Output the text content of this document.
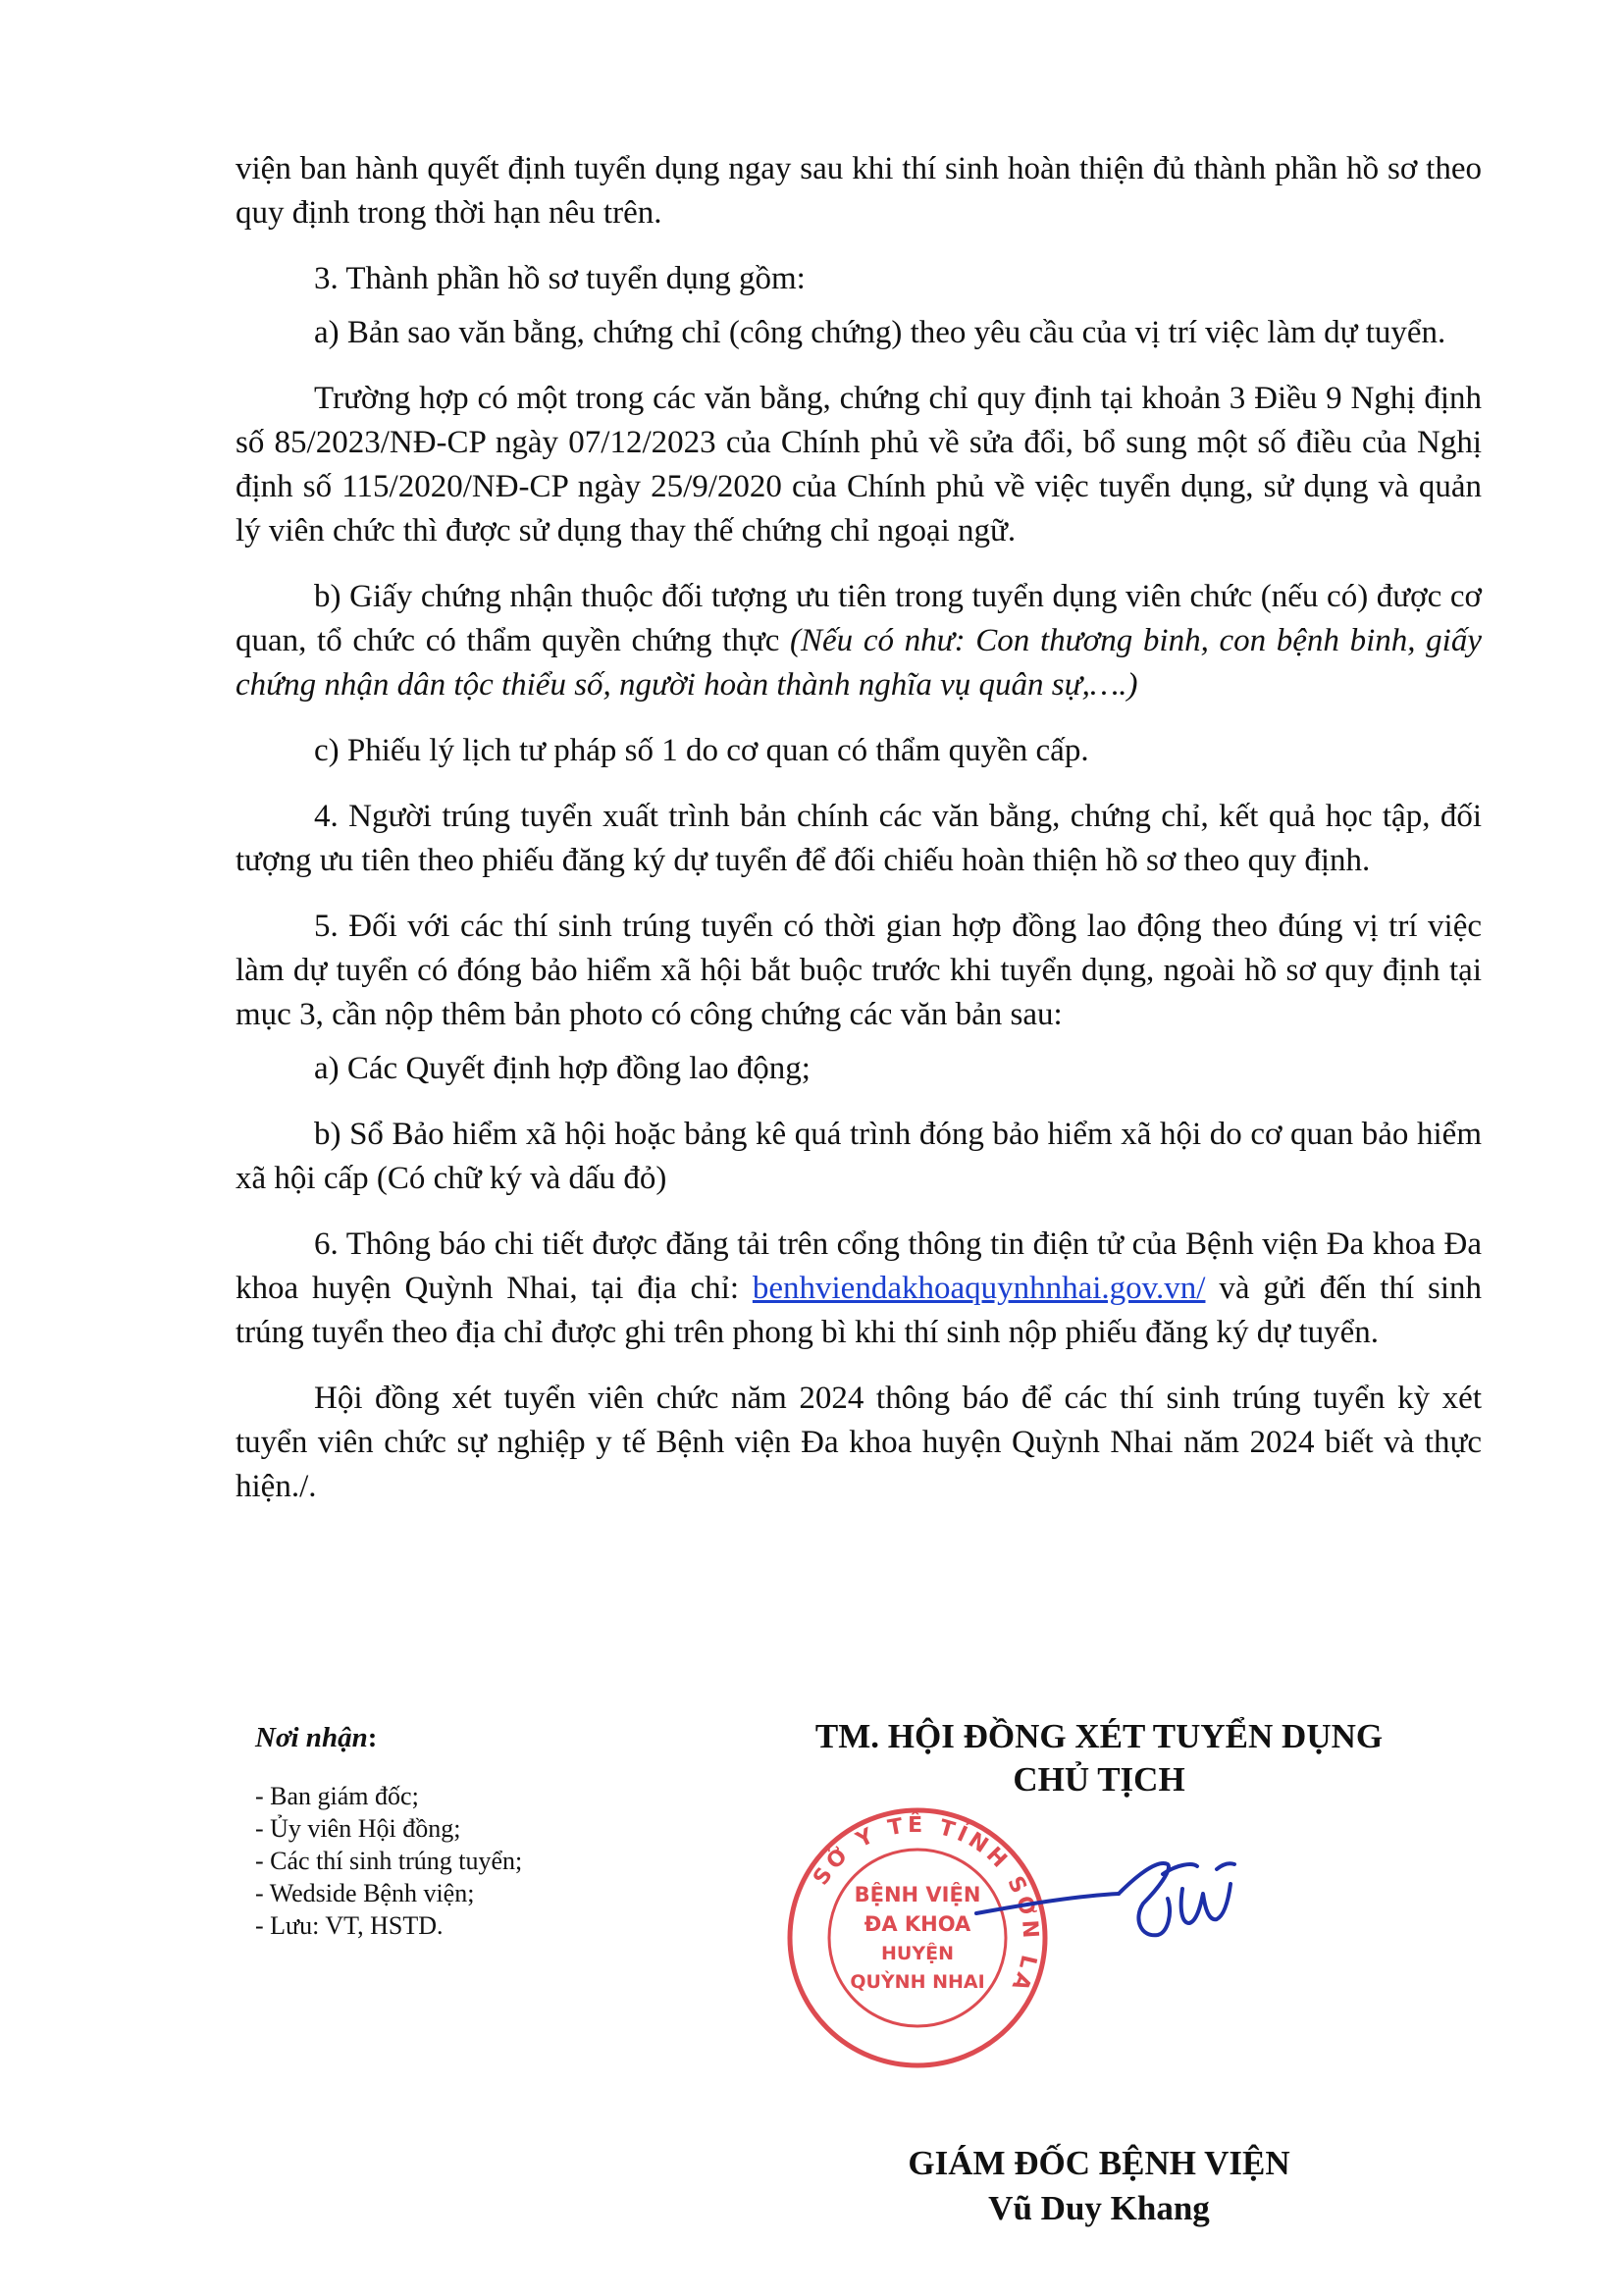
viện ban hành quyết định tuyển dụng ngay sau khi thí sinh hoàn thiện đủ thành phần hồ sơ theo quy định trong thời hạn nêu trên.

3. Thành phần hồ sơ tuyển dụng gồm:

a) Bản sao văn bằng, chứng chỉ (công chứng) theo yêu cầu của vị trí việc làm dự tuyển.

Trường hợp có một trong các văn bằng, chứng chỉ quy định tại khoản 3 Điều 9 Nghị định số 85/2023/NĐ-CP ngày 07/12/2023 của Chính phủ về sửa đổi, bổ sung một số điều của Nghị định số 115/2020/NĐ-CP ngày 25/9/2020 của Chính phủ về việc tuyển dụng, sử dụng và quản lý viên chức thì được sử dụng thay thế chứng chỉ ngoại ngữ.

b) Giấy chứng nhận thuộc đối tượng ưu tiên trong tuyển dụng viên chức (nếu có) được cơ quan, tổ chức có thẩm quyền chứng thực (Nếu có như: Con thương binh, con bệnh binh, giấy chứng nhận dân tộc thiểu số, người hoàn thành nghĩa vụ quân sự,….)

c) Phiếu lý lịch tư pháp số 1 do cơ quan có thẩm quyền cấp.

4. Người trúng tuyển xuất trình bản chính các văn bằng, chứng chỉ, kết quả học tập, đối tượng ưu tiên theo phiếu đăng ký dự tuyển để đối chiếu hoàn thiện hồ sơ theo quy định.

5. Đối với các thí sinh trúng tuyển có thời gian hợp đồng lao động theo đúng vị trí việc làm dự tuyển có đóng bảo hiểm xã hội bắt buộc trước khi tuyển dụng, ngoài hồ sơ quy định tại mục 3, cần nộp thêm bản photo có công chứng các văn bản sau:

a) Các Quyết định hợp đồng lao động;

b) Sổ Bảo hiểm xã hội hoặc bảng kê quá trình đóng bảo hiểm xã hội do cơ quan bảo hiểm xã hội cấp (Có chữ ký và dấu đỏ)

6. Thông báo chi tiết được đăng tải trên cổng thông tin điện tử của Bệnh viện Đa khoa Đa khoa huyện Quỳnh Nhai, tại địa chỉ: benhviendakhoaquynhnhai.gov.vn/ và gửi đến thí sinh trúng tuyển theo địa chỉ được ghi trên phong bì khi thí sinh nộp phiếu đăng ký dự tuyển.

Hội đồng xét tuyển viên chức năm 2024 thông báo để các thí sinh trúng tuyển kỳ xét tuyển viên chức sự nghiệp y tế Bệnh viện Đa khoa huyện Quỳnh Nhai năm 2024 biết và thực hiện./.

Nơi nhận:
- Ban giám đốc;
- Ủy viên Hội đồng;
- Các thí sinh trúng tuyển;
- Wedside Bệnh viện;
- Lưu: VT, HSTD.
TM. HỘI ĐỒNG XÉT TUYỂN DỤNG
CHỦ TỊCH
GIÁM ĐỐC BỆNH VIỆN
Vũ Duy Khang
SỞ Y TẾ TỈNH SƠN LA
BỆNH VIỆN
ĐA KHOA
HUYỆN
QUỲNH NHAI
